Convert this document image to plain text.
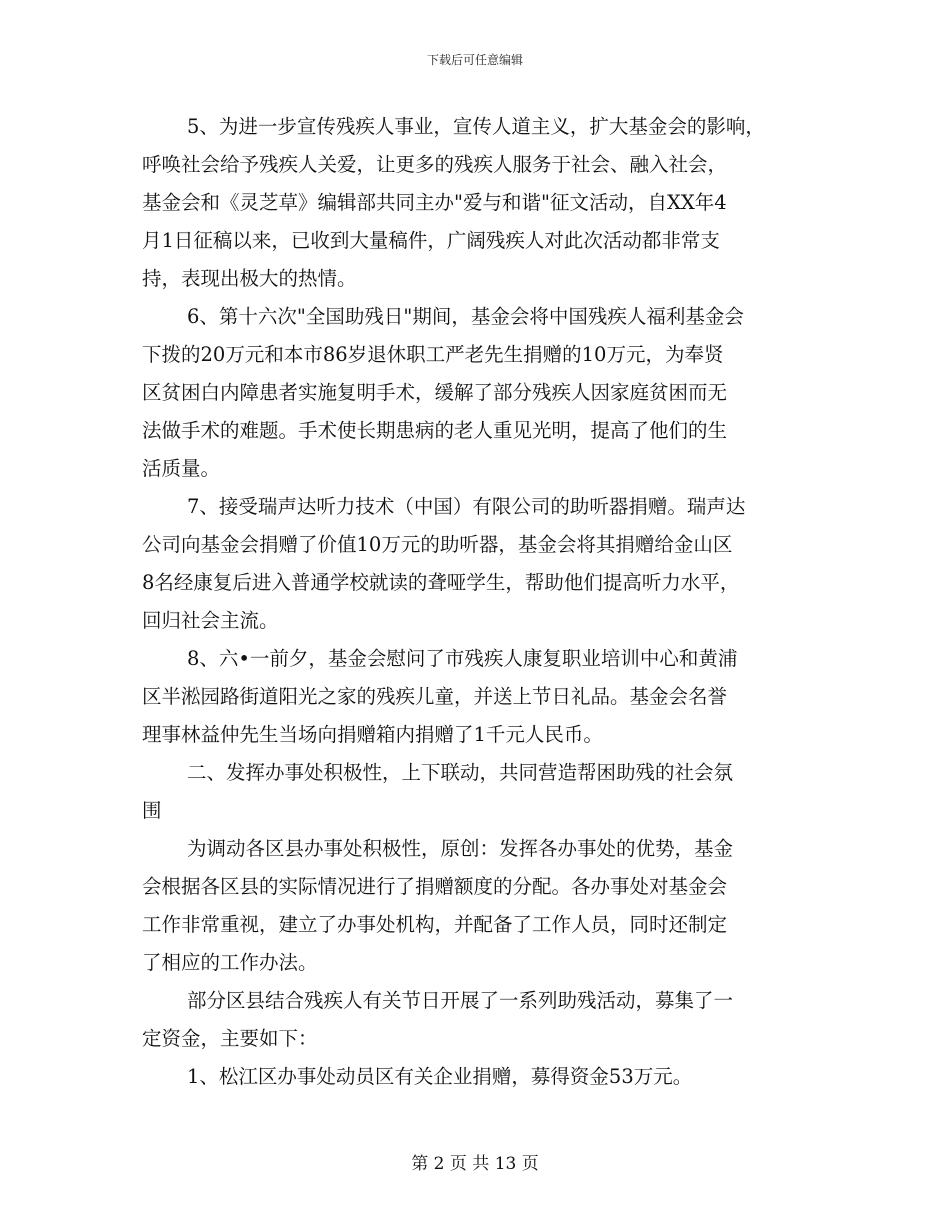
下载后可任意编辑
5、为进一步宣传残疾人事业，宣传人道主义，扩大基金会的影响，
呼唤社会给予残疾人关爱，让更多的残疾人服务于社会、融入社会，
基金会和《灵芝草》编辑部共同主办"爱与和谐"征文活动，自XX年4
月1日征稿以来，已收到大量稿件，广阔残疾人对此次活动都非常支
持，表现出极大的热情。
6、第十六次"全国助残日"期间，基金会将中国残疾人福利基金会
下拨的20万元和本市86岁退休职工严老先生捐赠的10万元，为奉贤
区贫困白内障患者实施复明手术，缓解了部分残疾人因家庭贫困而无
法做手术的难题。手术使长期患病的老人重见光明，提高了他们的生
活质量。
7、接受瑞声达听力技术（中国）有限公司的助听器捐赠。瑞声达
公司向基金会捐赠了价值10万元的助听器，基金会将其捐赠给金山区
8名经康复后进入普通学校就读的聋哑学生，帮助他们提高听力水平，
回归社会主流。
8、六•一前夕，基金会慰问了市残疾人康复职业培训中心和黄浦
区半淞园路街道阳光之家的残疾儿童，并送上节日礼品。基金会名誉
理事林益仲先生当场向捐赠箱内捐赠了1千元人民币。
二、发挥办事处积极性，上下联动，共同营造帮困助残的社会氛
围
为调动各区县办事处积极性，原创：发挥各办事处的优势，基金
会根据各区县的实际情况进行了捐赠额度的分配。各办事处对基金会
工作非常重视，建立了办事处机构，并配备了工作人员，同时还制定
了相应的工作办法。
部分区县结合残疾人有关节日开展了一系列助残活动，募集了一
定资金，主要如下：
1、松江区办事处动员区有关企业捐赠，募得资金53万元。
第 2 页 共 13 页
